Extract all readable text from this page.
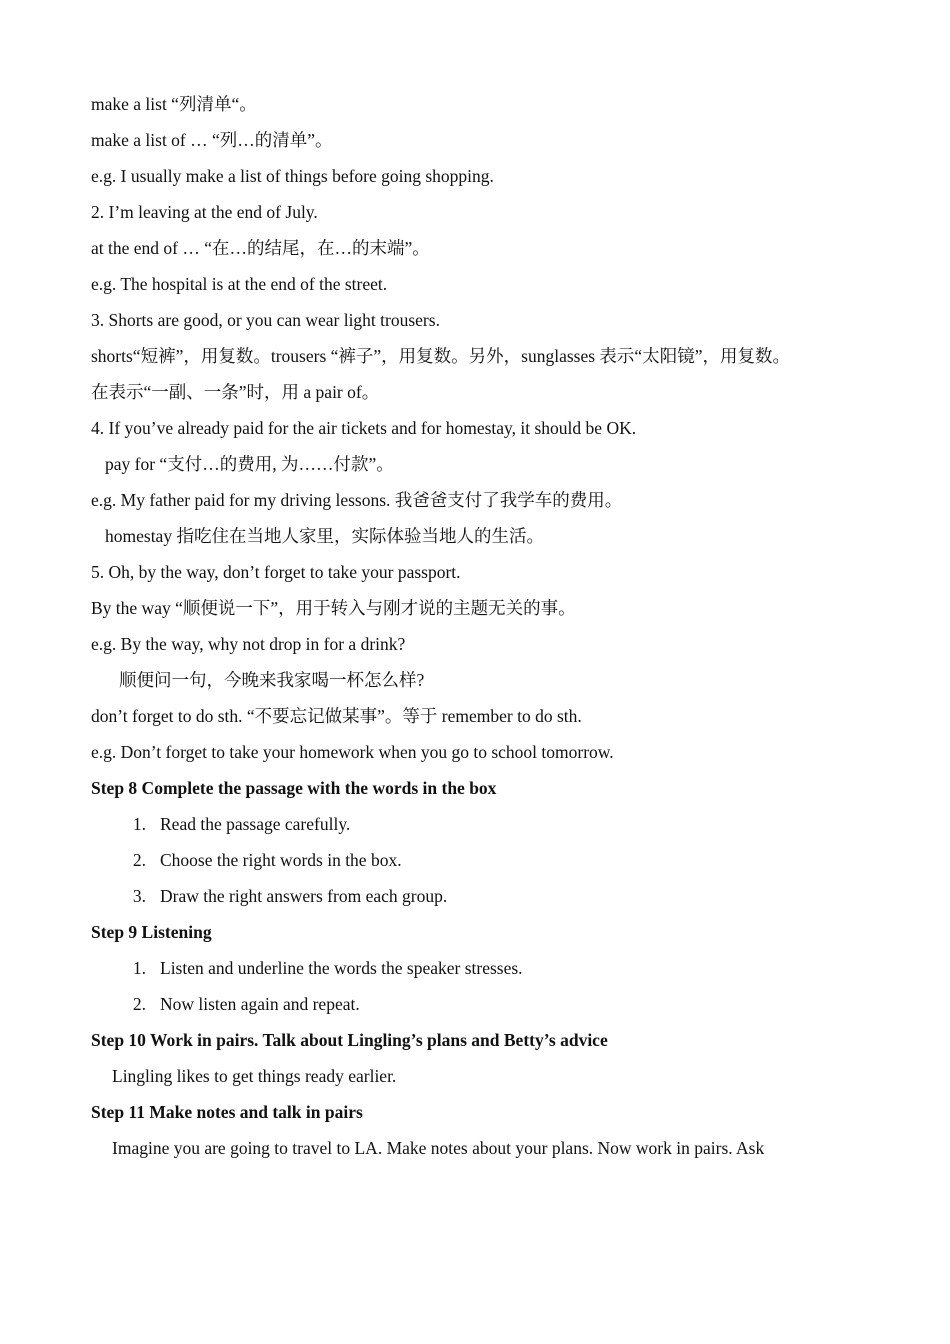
make a list “列清单“。
make a list of … “列…的清单”。
e.g. I usually make a list of things before going shopping.
2. I’m leaving at the end of July.
at the end of … “在…的结尾，在…的末端”。
e.g. The hospital is at the end of the street.
3. Shorts are good, or you can wear light trousers.
shorts“短裤”，用复数。trousers “裤子”，用复数。另外，sunglasses 表示“太阳镜”，用复数。
在表示“一副、一条”时，用 a pair of。
4. If you’ve already paid for the air tickets and for homestay, it should be OK.
pay for “支付…的费用, 为……付款”。
e.g. My father paid for my driving lessons. 我爸爸支付了我学车的费用。
homestay 指吃住在当地人家里，实际体验当地人的生活。
5. Oh, by the way, don’t forget to take your passport.
By the way “顺便说一下”，用于转入与刚才说的主题无关的事。
e.g. By the way, why not drop in for a drink?
顺便问一句，今晚来我家喝一杯怎么样?
don’t forget to do sth. “不要忘记做某事”。等于 remember to do sth.
e.g. Don’t forget to take your homework when you go to school tomorrow.
Step 8 Complete the passage with the words in the box
1. Read the passage carefully.
2. Choose the right words in the box.
3. Draw the right answers from each group.
Step 9 Listening
1. Listen and underline the words the speaker stresses.
2. Now listen again and repeat.
Step 10 Work in pairs. Talk about Lingling’s plans and Betty’s advice
Lingling likes to get things ready earlier.
Step 11 Make notes and talk in pairs
Imagine you are going to travel to LA. Make notes about your plans. Now work in pairs. Ask
